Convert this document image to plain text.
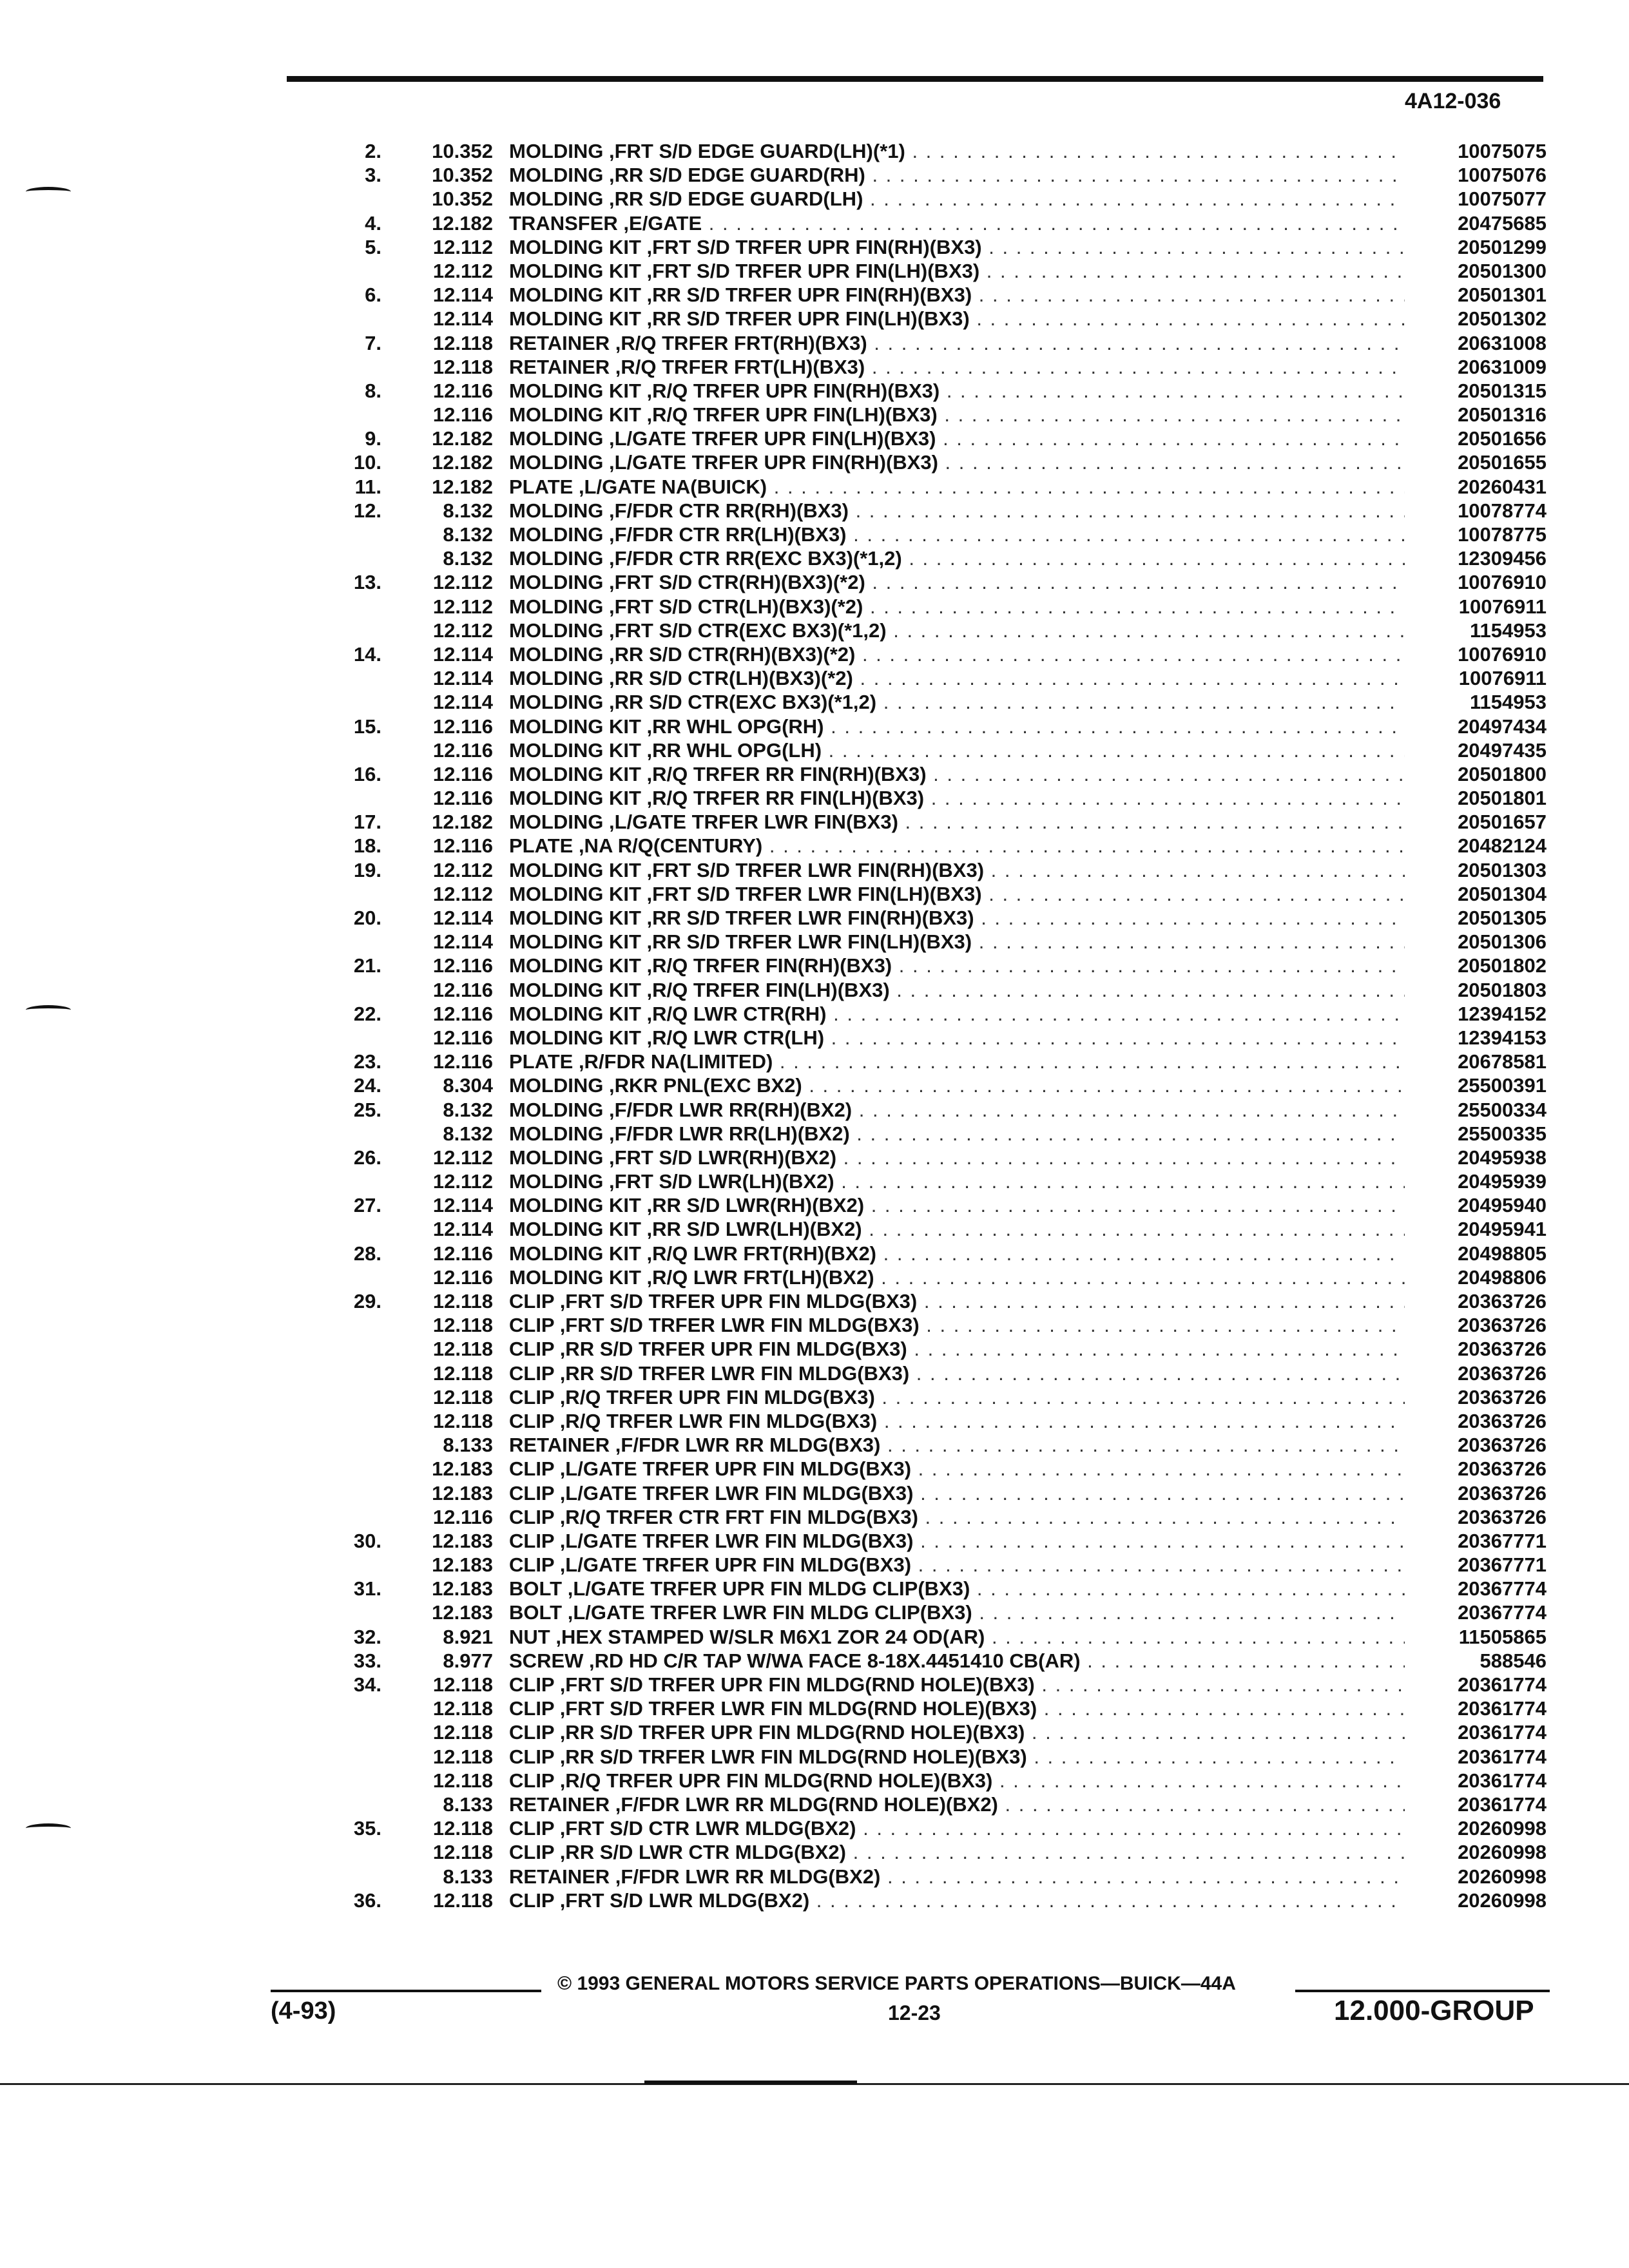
4A12-036
2.	10.352 MOLDING ,FRT S/D EDGE GUARD(LH)(*1) . . .	10075075
3.	10.352 MOLDING ,RR S/D EDGE GUARD(RH) . . .	10075076
10.352 MOLDING ,RR S/D EDGE GUARD(LH) . . .	10075077
4.	12.182 TRANSFER ,E/GATE . . .	20475685
5.	12.112 MOLDING KIT ,FRT S/D TRFER UPR FIN(RH)(BX3) . . .	20501299
12.112 MOLDING KIT ,FRT S/D TRFER UPR FIN(LH)(BX3) . . .	20501300
6.	12.114 MOLDING KIT ,RR S/D TRFER UPR FIN(RH)(BX3) . . .	20501301
12.114 MOLDING KIT ,RR S/D TRFER UPR FIN(LH)(BX3) . . .	20501302
7.	12.118 RETAINER ,R/Q TRFER FRT(RH)(BX3) . . .	20631008
12.118 RETAINER ,R/Q TRFER FRT(LH)(BX3) . . .	20631009
8.	12.116 MOLDING KIT ,R/Q TRFER UPR FIN(RH)(BX3) . . .	20501315
12.116 MOLDING KIT ,R/Q TRFER UPR FIN(LH)(BX3) . . .	20501316
9.	12.182 MOLDING ,L/GATE TRFER UPR FIN(LH)(BX3) . . .	20501656
10.	12.182 MOLDING ,L/GATE TRFER UPR FIN(RH)(BX3) . . .	20501655
11.	12.182 PLATE ,L/GATE NA(BUICK) . . .	20260431
12.	8.132 MOLDING ,F/FDR CTR RR(RH)(BX3) . . .	10078774
8.132 MOLDING ,F/FDR CTR RR(LH)(BX3) . . .	10078775
8.132 MOLDING ,F/FDR CTR RR(EXC BX3)(*1,2) . . .	12309456
13.	12.112 MOLDING ,FRT S/D CTR(RH)(BX3)(*2) . . .	10076910
12.112 MOLDING ,FRT S/D CTR(LH)(BX3)(*2) . . .	10076911
12.112 MOLDING ,FRT S/D CTR(EXC BX3)(*1,2) . . .	1154953
14.	12.114 MOLDING ,RR S/D CTR(RH)(BX3)(*2) . . .	10076910
12.114 MOLDING ,RR S/D CTR(LH)(BX3)(*2) . . .	10076911
12.114 MOLDING ,RR S/D CTR(EXC BX3)(*1,2) . . .	1154953
15.	12.116 MOLDING KIT ,RR WHL OPG(RH) . . .	20497434
12.116 MOLDING KIT ,RR WHL OPG(LH) . . .	20497435
16.	12.116 MOLDING KIT ,R/Q TRFER RR FIN(RH)(BX3) . . .	20501800
12.116 MOLDING KIT ,R/Q TRFER RR FIN(LH)(BX3) . . .	20501801
17.	12.182 MOLDING ,L/GATE TRFER LWR FIN(BX3) . . .	20501657
18.	12.116 PLATE ,NA R/Q(CENTURY) . . .	20482124
19.	12.112 MOLDING KIT ,FRT S/D TRFER LWR FIN(RH)(BX3) . . .	20501303
12.112 MOLDING KIT ,FRT S/D TRFER LWR FIN(LH)(BX3) . . .	20501304
20.	12.114 MOLDING KIT ,RR S/D TRFER LWR FIN(RH)(BX3) . . .	20501305
12.114 MOLDING KIT ,RR S/D TRFER LWR FIN(LH)(BX3) . . .	20501306
21.	12.116 MOLDING KIT ,R/Q TRFER FIN(RH)(BX3) . . .	20501802
12.116 MOLDING KIT ,R/Q TRFER FIN(LH)(BX3) . . .	20501803
22.	12.116 MOLDING KIT ,R/Q LWR CTR(RH) . . .	12394152
12.116 MOLDING KIT ,R/Q LWR CTR(LH) . . .	12394153
23.	12.116 PLATE ,R/FDR NA(LIMITED) . . .	20678581
24.	8.304 MOLDING ,RKR PNL(EXC BX2) . . .	25500391
25.	8.132 MOLDING ,F/FDR LWR RR(RH)(BX2) . . .	25500334
8.132 MOLDING ,F/FDR LWR RR(LH)(BX2) . . .	25500335
26.	12.112 MOLDING ,FRT S/D LWR(RH)(BX2) . . .	20495938
12.112 MOLDING ,FRT S/D LWR(LH)(BX2) . . .	20495939
27.	12.114 MOLDING KIT ,RR S/D LWR(RH)(BX2) . . .	20495940
12.114 MOLDING KIT ,RR S/D LWR(LH)(BX2) . . .	20495941
28.	12.116 MOLDING KIT ,R/Q LWR FRT(RH)(BX2) . . .	20498805
12.116 MOLDING KIT ,R/Q LWR FRT(LH)(BX2) . . .	20498806
29.	12.118 CLIP ,FRT S/D TRFER UPR FIN MLDG(BX3) . . .	20363726
12.118 CLIP ,FRT S/D TRFER LWR FIN MLDG(BX3) . . .	20363726
12.118 CLIP ,RR S/D TRFER UPR FIN MLDG(BX3) . . .	20363726
12.118 CLIP ,RR S/D TRFER LWR FIN MLDG(BX3) . . .	20363726
12.118 CLIP ,R/Q TRFER UPR FIN MLDG(BX3) . . .	20363726
12.118 CLIP ,R/Q TRFER LWR FIN MLDG(BX3) . . .	20363726
8.133 RETAINER ,F/FDR LWR RR MLDG(BX3) . . .	20363726
12.183 CLIP ,L/GATE TRFER UPR FIN MLDG(BX3) . . .	20363726
12.183 CLIP ,L/GATE TRFER LWR FIN MLDG(BX3) . . .	20363726
12.116 CLIP ,R/Q TRFER CTR FRT FIN MLDG(BX3) . . .	20363726
30.	12.183 CLIP ,L/GATE TRFER LWR FIN MLDG(BX3) . . .	20367771
12.183 CLIP ,L/GATE TRFER UPR FIN MLDG(BX3) . . .	20367771
31.	12.183 BOLT ,L/GATE TRFER UPR FIN MLDG CLIP(BX3) . . .	20367774
12.183 BOLT ,L/GATE TRFER LWR FIN MLDG CLIP(BX3) . . .	20367774
32.	8.921 NUT ,HEX STAMPED W/SLR M6X1 ZOR 24 OD(AR) . . .	11505865
33.	8.977 SCREW ,RD HD C/R TAP W/WA FACE 8-18X.4451410 CB(AR) . . .	588546
34.	12.118 CLIP ,FRT S/D TRFER UPR FIN MLDG(RND HOLE)(BX3) . . .	20361774
12.118 CLIP ,FRT S/D TRFER LWR FIN MLDG(RND HOLE)(BX3) . . .	20361774
12.118 CLIP ,RR S/D TRFER UPR FIN MLDG(RND HOLE)(BX3) . . .	20361774
12.118 CLIP ,RR S/D TRFER LWR FIN MLDG(RND HOLE)(BX3) . . .	20361774
12.118 CLIP ,R/Q TRFER UPR FIN MLDG(RND HOLE)(BX3) . . .	20361774
8.133 RETAINER ,F/FDR LWR RR MLDG(RND HOLE)(BX2) . . .	20361774
35.	12.118 CLIP ,FRT S/D CTR LWR MLDG(BX2) . . .	20260998
12.118 CLIP ,RR S/D LWR CTR MLDG(BX2) . . .	20260998
8.133 RETAINER ,F/FDR LWR RR MLDG(BX2) . . .	20260998
36.	12.118 CLIP ,FRT S/D LWR MLDG(BX2) . . .	20260998
© 1993 GENERAL MOTORS SERVICE PARTS OPERATIONS—BUICK—44A
(4-93)	12-23	12.000-GROUP
